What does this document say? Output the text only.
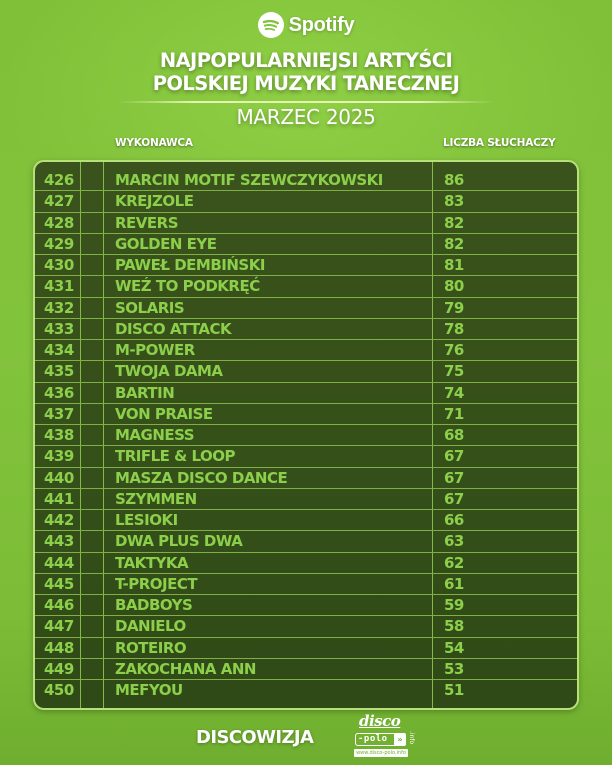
Spotify
NAJPOPULARNIEJSI ARTYŚCI
POLSKIEJ MUZYKI TANECZNEJ
MARZEC 2025
WYKONAWCA	LICZBA SŁUCHACZY
426	MARCIN MOTIF SZEWCZYKOWSKI	86
427	KREJZOLE	83
428	REVERS	82
429	GOLDEN EYE	82
430	PAWEŁ DEMBIŃSKI	81
431	WEŹ TO PODKRĘĆ	80
432	SOLARIS	79
433	DISCO ATTACK	78
434	M-POWER	76
435	TWOJA DAMA	75
436	BARTIN	74
437	VON PRAISE	71
438	MAGNESS	68
439	TRIFLE & LOOP	67
440	MASZA DISCO DANCE	67
441	SZYMMEN	67
442	LESIOKI	66
443	DWA PLUS DWA	63
444	TAKTYKA	62
445	T-PROJECT	61
446	BADBOYS	59
447	DANIELO	58
448	ROTEIRO	54
449	ZAKOCHANA ANN	53
450	MEFYOU	51
DISCOWIZJA
disco
-polo	» .info
www.disco-polo.info
